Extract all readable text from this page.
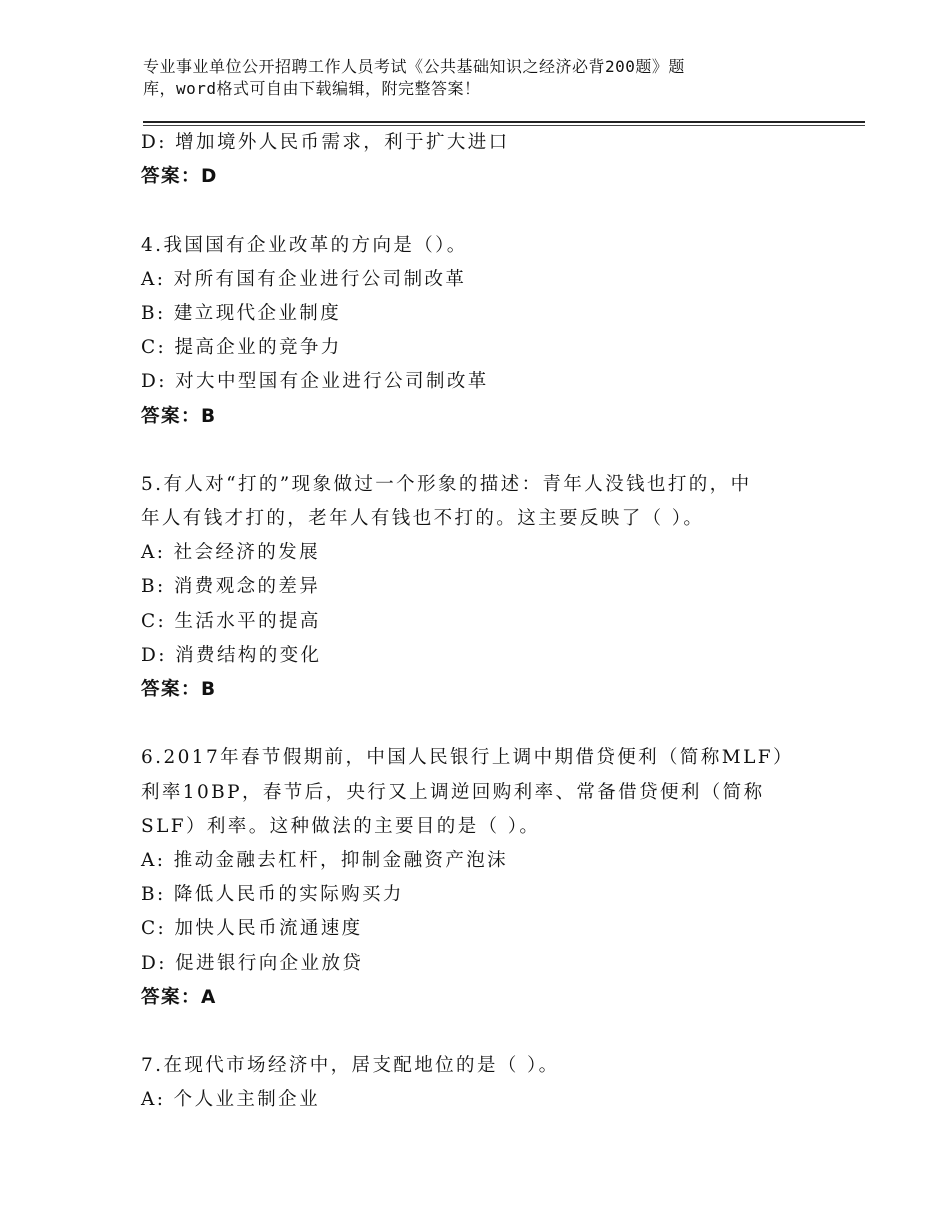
专业事业单位公开招聘工作人员考试《公共基础知识之经济必背200题》题
库，word格式可自由下载编辑，附完整答案！
D: 增加境外人民币需求，利于扩大进口
答案：D
4.我国国有企业改革的方向是（）。
A: 对所有国有企业进行公司制改革
B: 建立现代企业制度
C: 提高企业的竞争力
D: 对大中型国有企业进行公司制改革
答案：B
5.有人对“打的”现象做过一个形象的描述：青年人没钱也打的，中
年人有钱才打的，老年人有钱也不打的。这主要反映了（ ）。
A: 社会经济的发展
B: 消费观念的差异
C: 生活水平的提高
D: 消费结构的变化
答案：B
6.2017年春节假期前，中国人民银行上调中期借贷便利（简称MLF）
利率10BP，春节后，央行又上调逆回购利率、常备借贷便利（简称
SLF）利率。这种做法的主要目的是（ ）。
A: 推动金融去杠杆，抑制金融资产泡沫
B: 降低人民币的实际购买力
C: 加快人民币流通速度
D: 促进银行向企业放贷
答案：A
7.在现代市场经济中，居支配地位的是（ ）。
A: 个人业主制企业
